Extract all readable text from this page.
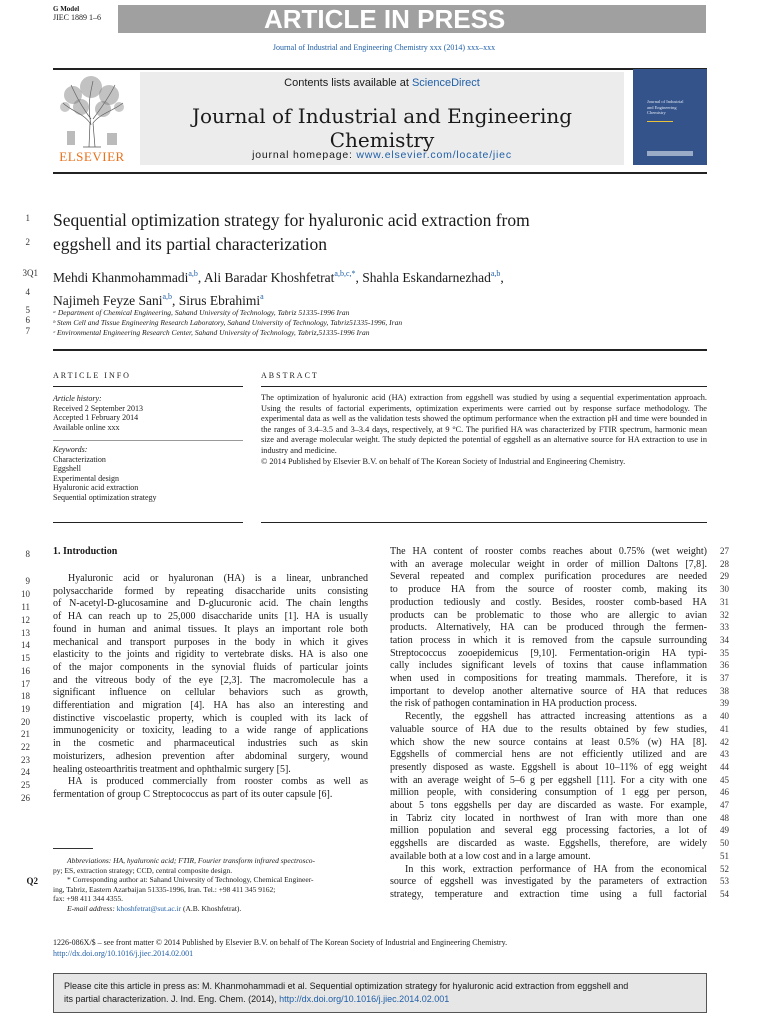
G Model
JIEC 1889 1–6	ARTICLE IN PRESS
Journal of Industrial and Engineering Chemistry xxx (2014) xxx–xxx
ELSEVIER
Contents lists available at ScienceDirect
Journal of Industrial and Engineering Chemistry
journal homepage: www.elsevier.com/locate/jiec
Journal of Industrial and Engineering Chemistry
1
2
Sequential optimization strategy for hyaluronic acid extraction from
eggshell and its partial characterization
3Q1
4
Mehdi Khanmohammadi$^{a,b}$, Ali Baradar Khoshfetrat$^{a,b,c,*}$, Shahla Eskandarnezhad$^{a,b}$,
Najimeh Feyze Sani$^{a,b}$, Sirus Ebrahimi$^a$
5
6
7
ᵃ Department of Chemical Engineering, Sahand University of Technology, Tabriz 51335-1996 Iran
ᵇ Stem Cell and Tissue Engineering Research Laboratory, Sahand University of Technology, Tabriz51335-1996, Iran
ᶜ Environmental Engineering Research Center, Sahand University of Technology, Tabriz,51335-1996 Iran
ARTICLE INFO	ABSTRACT
Article history:
Received 2 September 2013
Accepted 1 February 2014
Available online xxx
Keywords:
Characterization
Eggshell
Experimental design
Hyaluronic acid extraction
Sequential optimization strategy
The optimization of hyaluronic acid (HA) extraction from eggshell was studied by using a sequential experimentation approach. Using the results of factorial experiments, optimization experiments were carried out by response surface methodology. The experimental data as well as the validation tests showed the optimum performance when the extraction pH and time were bounded in the ranges of 3.4–3.5 and 3–3.4 days, respectively, at 9 °C. The purified HA was characterized by FTIR spectrum, harmonic mean size and average molecular weight. The study depicted the potential of eggshell as an alternative source for HA extraction to use in industry and medicine.
© 2014 Published by Elsevier B.V. on behalf of The Korean Society of Industrial and Engineering Chemistry.
8
9
10
11
12
13
14
15
16
17
18
19
20
21
22
23
24
25
26
27
28
29
30
31
32
33
34
35
36
37
38
39
40
41
42
43
44
45
46
47
48
49
50
51
52
53
54
1. Introduction
Hyaluronic acid or hyaluronan (HA) is a linear, unbranched
polysaccharide formed by repeating disaccharide units consisting
of N-acetyl-D-glucosamine and D-glucuronic acid. The chain lengths
of HA can reach up to 25,000 disaccharide units [1]. HA is usually
found in human and animal tissues. It plays an important role both
mechanical and transport purposes in the body in which it gives
elasticity to the joints and rigidity to vertebrate disks. HA is also one
of the major components in the synovial fluids of particular joints
and the vitreous body of the eye [2,3]. The macromolecule has a
significant influence on cellular behaviors such as growth,
differentiation and migration [4]. HA has also an interesting and
distinctive viscoelastic property, which is coupled with its lack of
immunogenicity or toxicity, leading to a wide range of applications
in the cosmetic and pharmaceutical industries such as skin
moisturizers, adhesion prevention after abdominal surgery, wound
healing osteoarthritis treatment and ophthalmic surgery [5].
HA is produced commercially from rooster combs as well as
fermentation of group C Streptococcus as part of its outer capsule [6].
Abbreviations: HA, hyaluronic acid; FTIR, Fourier transform infrared spectrosco-
py; ES, extraction strategy; CCD, central composite design.
* Corresponding author at: Sahand University of Technology, Chemical Engineer-
ing, Tabriz, Eastern Azarbaijan 51335-1996, Iran. Tel.: +98 411 345 9162;
fax: +98 411 344 4355.
E-mail address: khoshfetrat@sut.ac.ir (A.B. Khoshfetrat).
Q2
The HA content of rooster combs reaches about 0.75% (wet weight)
with an average molecular weight in order of million Daltons [7,8].
Several repeated and complex purification procedures are needed
to produce HA from the source of rooster comb, making its
production tediously and costly. Besides, rooster comb-based HA
products can be problematic to those who are allergic to avian
products. Alternatively, HA can be produced through the fermen-
tation process in which it is removed from the capsule surrounding
Streptococcus zooepidemicus [9,10]. Fermentation-origin HA typi-
cally includes significant levels of toxins that cause inflammation
when used in compositions for treating mammals. Therefore, it is
important to develop another alternative source of HA that reduces
the risk of pathogen contamination in HA production process.
Recently, the eggshell has attracted increasing attentions as a
valuable source of HA due to the results obtained by few studies,
which show the new source contains at least 0.5% (w) HA [8].
Eggshells of commercial hens are not efficiently utilized and are
presently disposed as waste. Eggshell is about 10–11% of egg weight
with an average weight of 5–6 g per eggshell [11]. For a city with one
million people, with considering consumption of 1 egg per person,
about 5 tons eggshells per day are discarded as waste. For example,
in Tabriz city located in northwest of Iran with more than one
million population and several egg processing factories, a lot of
eggshells are discarded as waste. Eggshells, therefore, are widely
available both at a low cost and in a large amount.
In this work, extraction performance of HA from the economical
source of eggshell was investigated by the parameters of extraction
strategy, temperature and extraction time using a full factorial
1226-086X/$ – see front matter © 2014 Published by Elsevier B.V. on behalf of The Korean Society of Industrial and Engineering Chemistry.
http://dx.doi.org/10.1016/j.jiec.2014.02.001
Please cite this article in press as: M. Khanmohammadi et al. Sequential optimization strategy for hyaluronic acid extraction from eggshell and
its partial characterization. J. Ind. Eng. Chem. (2014), http://dx.doi.org/10.1016/j.jiec.2014.02.001
